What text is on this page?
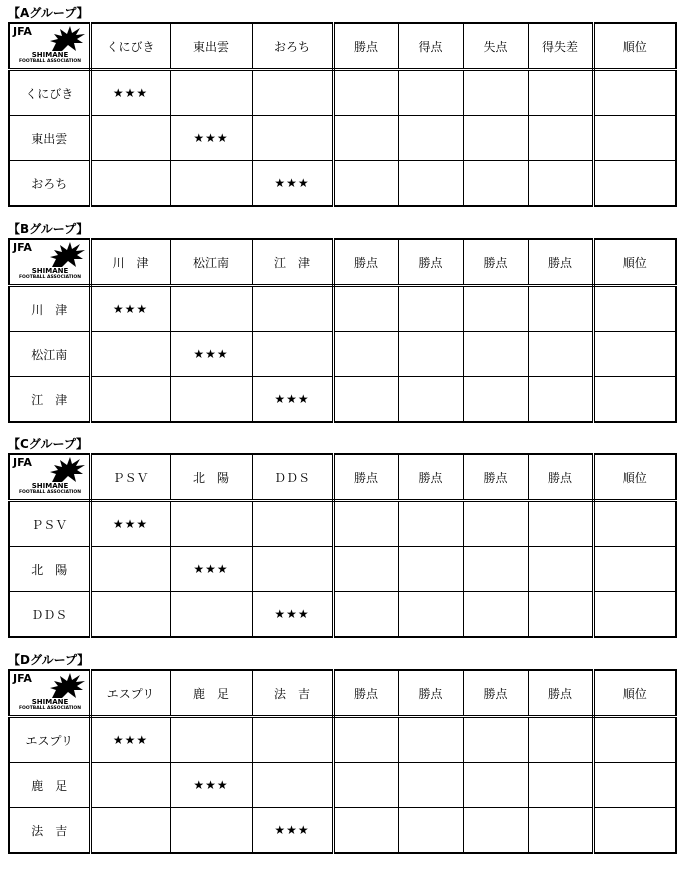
【Aグループ】
JFA
SHIMANE
FOOTBALL ASSOCIATION	くにびき	東出雲	おろち	勝点	得点	失点	得失差	順位
くにびき	★★★							
東出雲		★★★						
おろち			★★★					
【Bグループ】
JFA
SHIMANE
FOOTBALL ASSOCIATION	川　津	松江南	江　津	勝点	勝点	勝点	勝点	順位
川　津	★★★							
松江南		★★★						
江　津			★★★					
【Cグループ】
JFA
SHIMANE
FOOTBALL ASSOCIATION	ＰＳＶ	北　陽	ＤＤＳ	勝点	勝点	勝点	勝点	順位
ＰＳＶ	★★★							
北　陽		★★★						
ＤＤＳ			★★★					
【Dグループ】
JFA
SHIMANE
FOOTBALL ASSOCIATION	エスプリ	鹿　足	法　吉	勝点	勝点	勝点	勝点	順位
エスプリ	★★★							
鹿　足		★★★						
法　吉			★★★					
